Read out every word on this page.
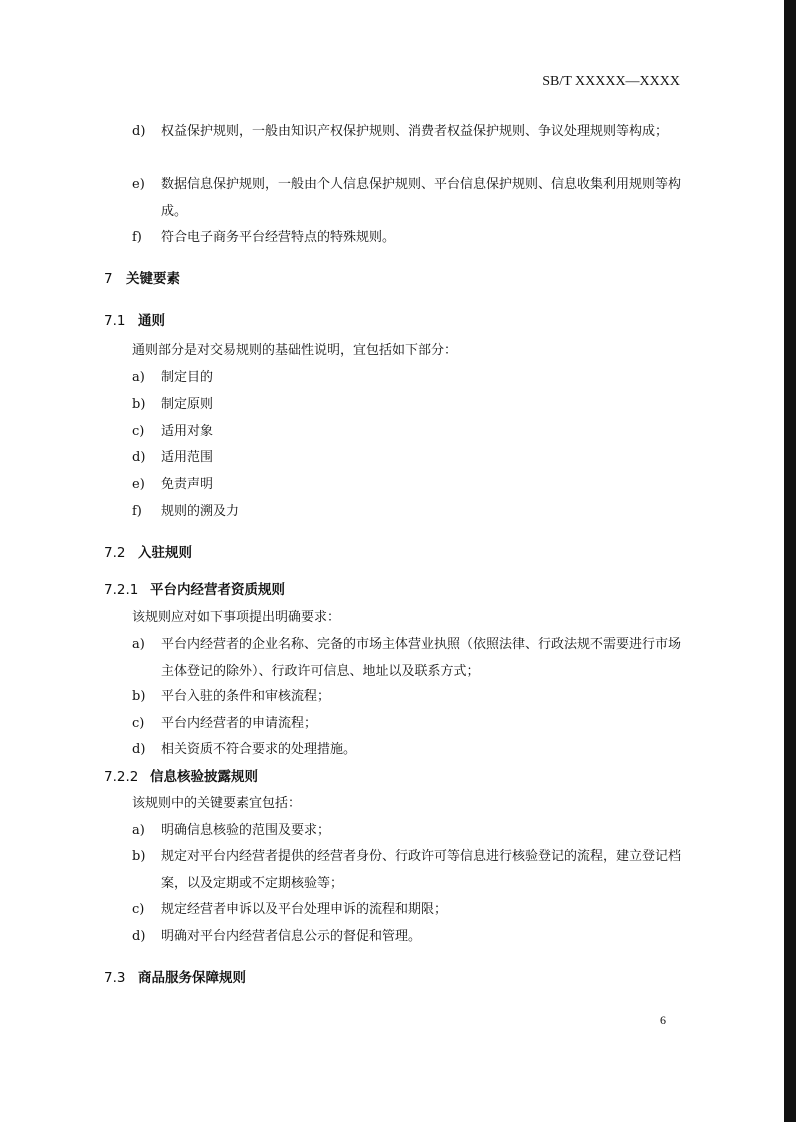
SB/T XXXXX—XXXX
d)	权益保护规则，一般由知识产权保护规则、消费者权益保护规则、争议处理规则等构成；
e)	数据信息保护规则，一般由个人信息保护规则、平台信息保护规则、信息收集利用规则等构成。
f)	符合电子商务平台经营特点的特殊规则。
7 关键要素
7.1 通则

通则部分是对交易规则的基础性说明，宜包括如下部分：

a)	制定目的
b)	制定原则
c)	适用对象
d)	适用范围
e)	免责声明
f)	规则的溯及力
7.2 入驻规则
7.2.1 平台内经营者资质规则

该规则应对如下事项提出明确要求：

a)	平台内经营者的企业名称、完备的市场主体营业执照（依照法律、行政法规不需要进行市场主体登记的除外）、行政许可信息、地址以及联系方式；
b)	平台入驻的条件和审核流程；
c)	平台内经营者的申请流程；
d)	相关资质不符合要求的处理措施。
7.2.2 信息核验披露规则

该规则中的关键要素宜包括：

a)	明确信息核验的范围及要求；
b)	规定对平台内经营者提供的经营者身份、行政许可等信息进行核验登记的流程，建立登记档案，以及定期或不定期核验等；
c)	规定经营者申诉以及平台处理申诉的流程和期限；
d)	明确对平台内经营者信息公示的督促和管理。
7.3 商品服务保障规则
6
